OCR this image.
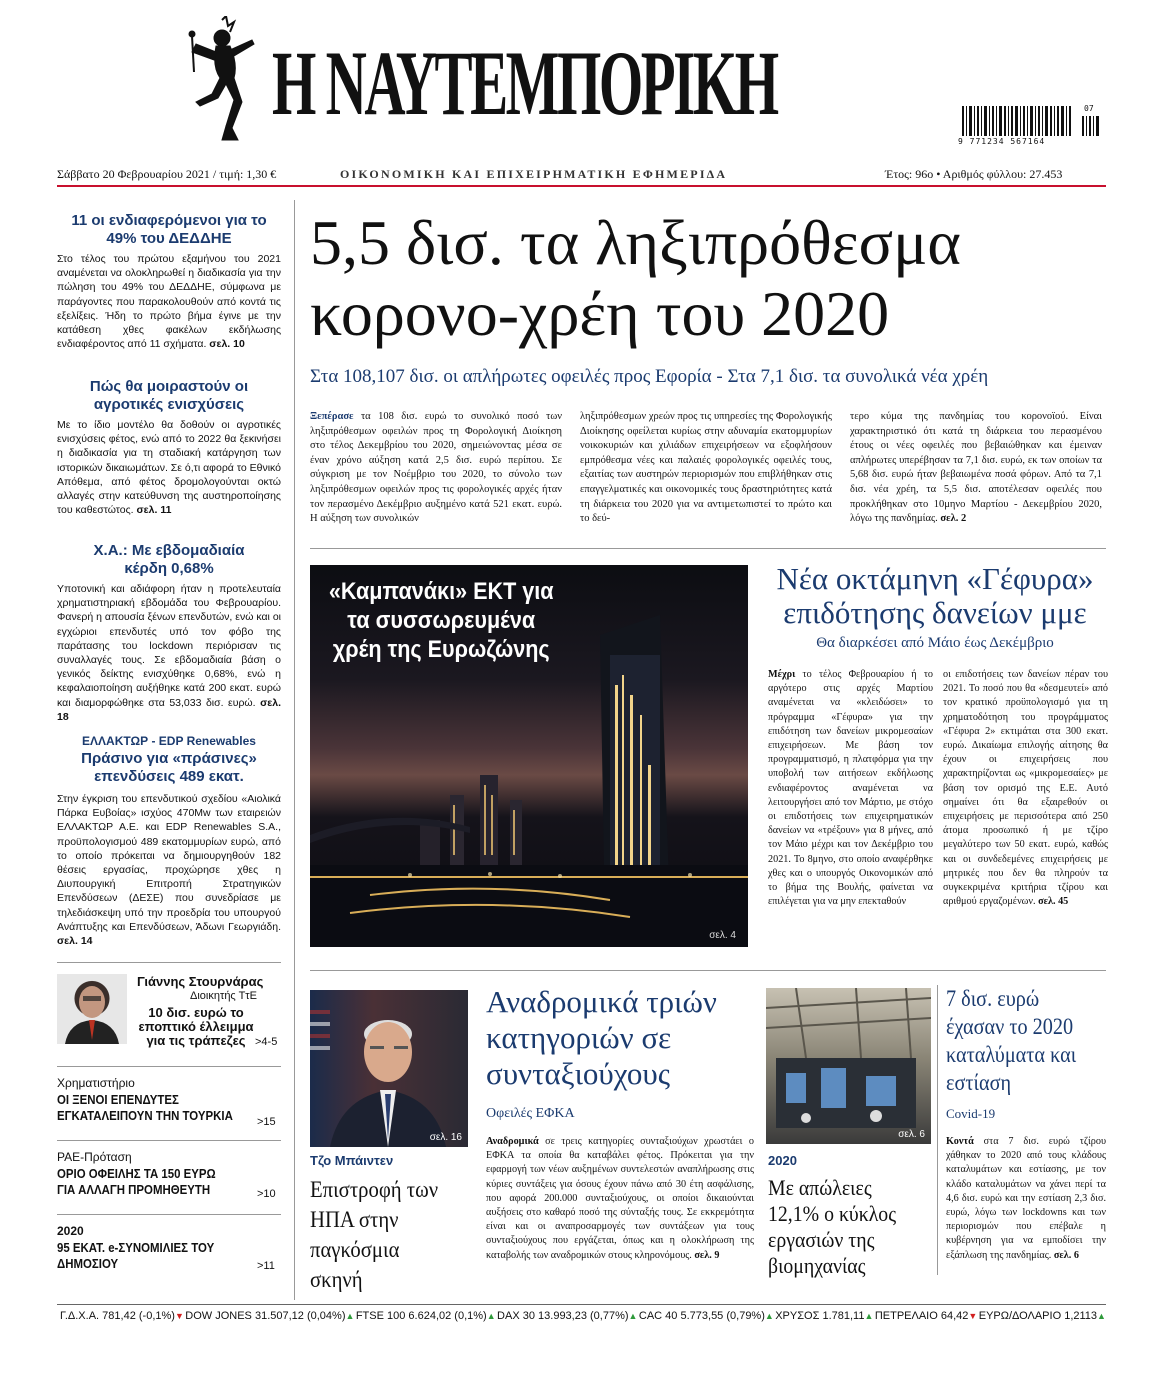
Η ΝΑΥΤΕΜΠΟΡΙΚΗ
9 771234 567164
07
Σάββατο 20 Φεβρουαρίου 2021 / τιμή: 1,30 €	ΟΙΚΟΝΟΜΙΚΗ ΚΑΙ ΕΠΙΧΕΙΡΗΜΑΤΙΚΗ ΕΦΗΜΕΡΙΔΑ	Έτος: 96ο • Αριθμός φύλλου: 27.453
11 οι ενδιαφερόμενοι για το 49% του ΔΕΔΔΗΕ
Στο τέλος του πρώτου εξαμήνου του 2021 αναμένεται να ολοκληρωθεί η διαδικασία για την πώληση του 49% του ΔΕΔΔΗΕ, σύμφωνα με παράγοντες που παρακολουθούν από κοντά τις εξελίξεις. Ήδη το πρώτο βήμα έγινε με την κατάθεση χθες φακέλων εκδήλωσης ενδιαφέροντος από 11 σχήματα. σελ. 10
Πώς θα μοιραστούν οι αγροτικές ενισχύσεις
Με το ίδιο μοντέλο θα δοθούν οι αγροτικές ενισχύσεις φέτος, ενώ από το 2022 θα ξεκινήσει η διαδικασία για τη σταδιακή κατάργηση των ιστορικών δικαιωμάτων. Σε ό,τι αφορά το Εθνικό Απόθεμα, από φέτος δρομολογούνται οκτώ αλλαγές στην κατεύθυνση της αυστηροποίησης του καθεστώτος. σελ. 11
Χ.Α.: Με εβδομαδιαία κέρδη 0,68%
Υποτονική και αδιάφορη ήταν η προτελευταία χρηματιστηριακή εβδομάδα του Φεβρουαρίου. Φανερή η απουσία ξένων επενδυτών, ενώ και οι εγχώριοι επενδυτές υπό τον φόβο της παράτασης του lockdown περιόρισαν τις συναλλαγές τους. Σε εβδομαδιαία βάση ο γενικός δείκτης ενισχύθηκε 0,68%, ενώ η κεφαλαιοποίηση αυξήθηκε κατά 200 εκατ. ευρώ και διαμορφώθηκε στα 53,033 δισ. ευρώ. σελ. 18
ΕΛΛΑΚΤΩΡ - EDP Renewables
Πράσινο για «πράσινες» επενδύσεις 489 εκατ.
Στην έγκριση του επενδυτικού σχεδίου «Αιολικά Πάρκα Ευβοίας» ισχύος 470Mw των εταιρειών ΕΛΛΑΚΤΩΡ Α.Ε. και EDP Renewables S.A., προϋπολογισμού 489 εκατομμυρίων ευρώ, από το οποίο πρόκειται να δημιουργηθούν 182 θέσεις εργασίας, προχώρησε χθες η Διυπουργική Επιτροπή Στρατηγικών Επενδύσεων (ΔΕΣΕ) που συνεδρίασε με τηλεδιάσκεψη υπό την προεδρία του υπουργού Ανάπτυξης και Επενδύσεων, Άδωνι Γεωργιάδη. σελ. 14
Γιάννης Στουρνάρας
Διοικητής ΤτΕ
10 δισ. ευρώ το εποπτικό έλλειμμα για τις τράπεζες >4-5
Χρηματιστήριο
ΟΙ ΞΕΝΟΙ ΕΠΕΝΔΥΤΕΣ ΕΓΚΑΤΑΛΕΙΠΟΥΝ ΤΗΝ ΤΟΥΡΚΙΑ >15
ΡΑΕ-Πρόταση
ΟΡΙΟ ΟΦΕΙΛΗΣ ΤΑ 150 ΕΥΡΩ ΓΙΑ ΑΛΛΑΓΗ ΠΡΟΜΗΘΕΥΤΗ	>10
2020
95 ΕΚΑΤ. e-ΣΥΝΟΜΙΛΙΕΣ ΤΟΥ ΔΗΜΟΣΙΟΥ	>11
5,5 δισ. τα ληξιπρόθεσμα
κορονο-χρέη του 2020
Στα 108,107 δισ. οι απλήρωτες οφειλές προς Εφορία - Στα 7,1 δισ. τα συνολικά νέα χρέη
Ξεπέρασε τα 108 δισ. ευρώ το συνολικό ποσό των ληξιπρόθεσμων οφειλών προς τη Φορολογική Διοίκηση στο τέλος Δεκεμβρίου του 2020, σημειώνοντας μέσα σε έναν χρόνο αύξηση κατά 2,5 δισ. ευρώ περίπου. Σε σύγκριση με τον Νοέμβριο του 2020, το σύνολο των ληξιπρόθεσμων οφειλών προς τις φορολογικές αρχές ήταν τον περασμένο Δεκέμβριο αυξημένο κατά 521 εκατ. ευρώ. Η αύξηση των συνολικών
ληξιπρόθεσμων χρεών προς τις υπηρεσίες της Φορολογικής Διοίκησης οφείλεται κυρίως στην αδυναμία εκατομμυρίων νοικοκυριών και χιλιάδων επιχειρήσεων να εξοφλήσουν εμπρόθεσμα νέες και παλαιές φορολογικές οφειλές τους, εξαιτίας των αυστηρών περιορισμών που επιβλήθηκαν στις επαγγελματικές και οικονομικές τους δραστηριότητες κατά τη διάρκεια του 2020 για να αντιμετωπιστεί το πρώτο και το δεύ-
τερο κύμα της πανδημίας του κορονοϊού. Είναι χαρακτηριστικό ότι κατά τη διάρκεια του περασμένου έτους οι νέες οφειλές που βεβαιώθηκαν και έμειναν απλήρωτες υπερέβησαν τα 7,1 δισ. ευρώ, εκ των οποίων τα 5,68 δισ. ευρώ ήταν βεβαιωμένα ποσά φόρων. Από τα 7,1 δισ. νέα χρέη, τα 5,5 δισ. αποτέλεσαν οφειλές που προκλήθηκαν στο 10μηνο Μαρτίου - Δεκεμβρίου 2020, λόγω της πανδημίας. σελ. 2
«Καμπανάκι» ΕΚΤ για τα συσσωρευμένα χρέη της Ευρωζώνης
σελ. 4
Νέα οκτάμηνη «Γέφυρα» επιδότησης δανείων μμε
Θα διαρκέσει από Μάιο έως Δεκέμβριο
Μέχρι το τέλος Φεβρουαρίου ή το αργότερο στις αρχές Μαρτίου αναμένεται να «κλειδώσει» το πρόγραμμα «Γέφυρα» για την επιδότηση των δανείων μικρομεσαίων επιχειρήσεων. Με βάση τον προγραμματισμό, η πλατφόρμα για την υποβολή των αιτήσεων εκδήλωσης ενδιαφέροντος αναμένεται να λειτουργήσει από τον Μάρτιο, με στόχο οι επιδοτήσεις των επιχειρηματικών δανείων να «τρέξουν» για 8 μήνες, από τον Μάιο μέχρι και τον Δεκέμβριο του 2021. Το 8μηνο, στο οποίο αναφέρθηκε χθες και ο υπουργός Οικονομικών από το βήμα της Βουλής, φαίνεται να επιλέγεται για να μην επεκταθούν
οι επιδοτήσεις των δανείων πέραν του 2021. Το ποσό που θα «δεσμευτεί» από τον κρατικό προϋπολογισμό για τη χρηματοδότηση του προγράμματος «Γέφυρα 2» εκτιμάται στα 300 εκατ. ευρώ. Δικαίωμα επιλογής αίτησης θα έχουν οι επιχειρήσεις που χαρακτηρίζονται ως «μικρομεσαίες» με βάση τον ορισμό της Ε.Ε. Αυτό σημαίνει ότι θα εξαιρεθούν οι επιχειρήσεις με περισσότερα από 250 άτομα προσωπικό ή με τζίρο μεγαλύτερο των 50 εκατ. ευρώ, καθώς και οι συνδεδεμένες επιχειρήσεις με μητρικές που δεν θα πληρούν τα συγκεκριμένα κριτήρια τζίρου και αριθμού εργαζομένων. σελ. 45
σελ. 16
Τζο Μπάιντεν
Επιστροφή των ΗΠΑ στην παγκόσμια σκηνή
Αναδρομικά τριών κατηγοριών σε συνταξιούχους
Οφειλές ΕΦΚΑ
Αναδρομικά σε τρεις κατηγορίες συνταξιούχων χρωστάει ο ΕΦΚΑ τα οποία θα καταβάλει φέτος. Πρόκειται για την εφαρμογή των νέων αυξημένων συντελεστών αναπλήρωσης στις κύριες συντάξεις για όσους έχουν πάνω από 30 έτη ασφάλισης, που αφορά 200.000 συνταξιούχους, οι οποίοι δικαιούνται αυξήσεις στο καθαρό ποσό της σύνταξής τους. Σε εκκρεμότητα είναι και οι αναπροσαρμογές των συντάξεων για τους συνταξιούχους που εργάζεται, όπως και η ολοκλήρωση της καταβολής των αναδρομικών στους κληρονόμους. σελ. 9
σελ. 6
2020
Με απώλειες 12,1% ο κύκλος εργασιών της βιομηχανίας
7 δισ. ευρώ έχασαν το 2020 καταλύματα και εστίαση
Covid-19
Κοντά στα 7 δισ. ευρώ τζίρου χάθηκαν το 2020 από τους κλάδους καταλυμάτων και εστίασης, με τον κλάδο καταλυμάτων να χάνει περί τα 4,6 δισ. ευρώ και την εστίαση 2,3 δισ. ευρώ, λόγω των lockdowns και των περιορισμών που επέβαλε η κυβέρνηση για να εμποδίσει την εξάπλωση της πανδημίας. σελ. 6
Γ.Δ.Χ.Α. 781,42 (-0,1%)▼ DOW JONES 31.507,12 (0,04%)▲ FTSE 100 6.624,02 (0,1%)▲ DAX 30 13.993,23 (0,77%)▲ CAC 40 5.773,55 (0,79%)▲ ΧΡΥΣΟΣ 1.781,11▲ ΠΕΤΡΕΛΑΙΟ 64,42▼ ΕΥΡΩ/ΔΟΛΑΡΙΟ 1,2113▲
